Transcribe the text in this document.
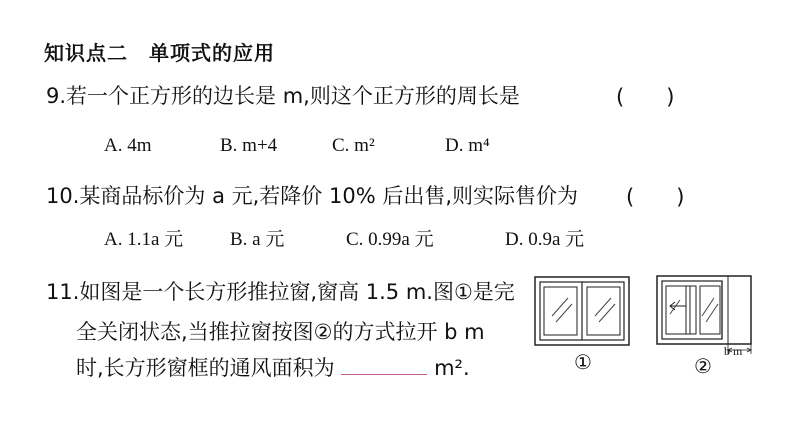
知识点二　单项式的应用
9.若一个正方形的边长是 m,则这个正方形的周长是	(　　)
A. 4m	B. m+4	C. m²	D. m⁴
10.某商品标价为 a 元,若降价 10% 后出售,则实际售价为 (　　)
A. 1.1a 元 B. a 元	C. 0.99a 元	D. 0.9a 元
11.如图是一个长方形推拉窗,窗高 1.5 m.图①是完
全关闭状态,当推拉窗按图②的方式拉开 b m
时,长方形窗框的通风面积为	m².	①
b m
②
